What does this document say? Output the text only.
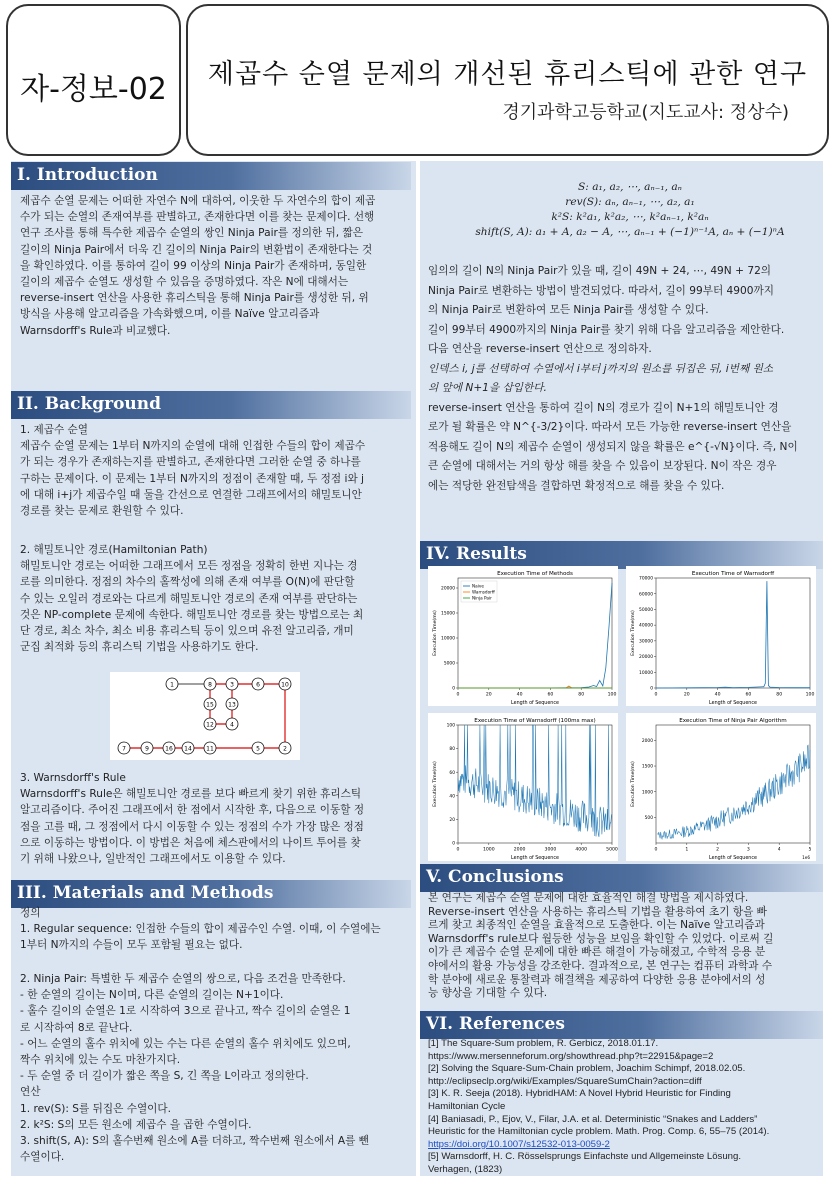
자-정보-02	제곱수 순열 문제의 개선된 휴리스틱에 관한 연구
경기과학고등학교(지도교사: 정상수)
I. Introduction

제곱수 순열 문제는 어떠한 자연수 N에 대하여, 이웃한 두 자연수의 합이 제곱

수가 되는 순열의 존재여부를 판별하고, 존재한다면 이를 찾는 문제이다. 선행

연구 조사를 통해 특수한 제곱수 순열의 쌍인 Ninja Pair를 정의한 뒤, 짧은

길이의 Ninja Pair에서 더욱 긴 길이의 Ninja Pair의 변환법이 존재한다는 것

을 확인하였다. 이를 통하여 길이 99 이상의 Ninja Pair가 존재하며, 동일한

길이의 제곱수 순열도 생성할 수 있음을 증명하였다. 작은 N에 대해서는

reverse-insert 연산을 사용한 휴리스틱을 통해 Ninja Pair를 생성한 뒤, 위

방식을 사용해 알고리즘을 가속화했으며, 이를 Naïve 알고리즘과

Warnsdorff's Rule과 비교했다.

II. Background

1. 제곱수 순열

제곱수 순열 문제는 1부터 N까지의 순열에 대해 인접한 수들의 합이 제곱수

가 되는 경우가 존재하는지를 판별하고, 존재한다면 그러한 순열 중 하나를

구하는 문제이다. 이 문제는 1부터 N까지의 정점이 존재할 때, 두 정점 i와 j

에 대해 i+j가 제곱수일 때 둘을 간선으로 연결한 그래프에서의 해밀토니안

경로를 찾는 문제로 환원할 수 있다.

2. 해밀토니안 경로(Hamiltonian Path)

해밀토니안 경로는 어떠한 그래프에서 모든 정점을 정확히 한번 지나는 경

로를 의미한다. 정점의 차수의 홀짝성에 의해 존재 여부를 O(N)에 판단할

수 있는 오일러 경로와는 다르게 해밀토니안 경로의 존재 여부를 판단하는

것은 NP-complete 문제에 속한다. 해밀토니안 경로를 찾는 방법으로는 최

단 경로, 최소 차수, 최소 비용 휴리스틱 등이 있으며 유전 알고리즘, 개미

군집 최적화 등의 휴리스틱 기법을 사용하기도 한다.

1	8	3	6	10
15 13
12	4
7	9	16 14 11	5	2

3. Warnsdorff's Rule

Warnsdorff's Rule은 해밀토니안 경로를 보다 빠르게 찾기 위한 휴리스틱

알고리즘이다. 주어진 그래프에서 한 점에서 시작한 후, 다음으로 이동할 정

점을 고를 때, 그 정점에서 다시 이동할 수 있는 정점의 수가 가장 많은 정점

으로 이동하는 방법이다. 이 방법은 처음에 체스판에서의 나이트 투어를 찾

기 위해 나왔으나, 일반적인 그래프에서도 이용할 수 있다.

III. Materials and Methods

정의

1. Regular sequence: 인접한 수들의 합이 제곱수인 수열. 이때, 이 수열에는

1부터 N까지의 수들이 모두 포함될 필요는 없다.

2. Ninja Pair: 특별한 두 제곱수 순열의 쌍으로, 다음 조건을 만족한다.

- 한 순열의 길이는 N이며, 다른 순열의 길이는 N+1이다.

- 홀수 길이의 순열은 1로 시작하여 3으로 끝나고, 짝수 길이의 순열은 1

로 시작하여 8로 끝난다.

- 어느 순열의 홀수 위치에 있는 수는 다른 순열의 홀수 위치에도 있으며,

짝수 위치에 있는 수도 마찬가지다.

- 두 순열 중 더 길이가 짧은 쪽을 S, 긴 쪽을 L이라고 정의한다.

연산

1. rev(S): S를 뒤집은 수열이다.

2. k²S: S의 모든 원소에 제곱수 을 곱한 수열이다.

3. shift(S, A): S의 홀수번째 원소에 A를 더하고, 짝수번째 원소에서 A를 뺀

수열이다.

S: a₁, a₂, ⋯, aₙ₋₁, aₙ

rev(S): aₙ, aₙ₋₁, ⋯, a₂, a₁

k²S: k²a₁, k²a₂, ⋯, k²aₙ₋₁, k²aₙ

shift(S, A): a₁ + A, a₂ − A, ⋯, aₙ₋₁ + (−1)ⁿ⁻¹A, aₙ + (−1)ⁿA

임의의 길이 N의 Ninja Pair가 있을 때, 길이 49N + 24, ⋯, 49N + 72의

Ninja Pair로 변환하는 방법이 발견되었다. 따라서, 길이 99부터 4900까지

의 Ninja Pair로 변환하여 모든 Ninja Pair를 생성할 수 있다.

길이 99부터 4900까지의 Ninja Pair를 찾기 위해 다음 알고리즘을 제안한다.

다음 연산을 reverse-insert 연산으로 정의하자.

인덱스 i, j를 선택하여 수열에서 i부터 j까지의 원소를 뒤집은 뒤, i번째 원소

의 앞에 N+1을 삽입한다.

reverse-insert 연산을 통하여 길이 N의 경로가 길이 N+1의 해밀토니안 경

로가 될 확률은 약 N^{-3/2}이다. 따라서 모든 가능한 reverse-insert 연산을

적용해도 길이 N의 제곱수 순열이 생성되지 않을 확률은 e^{-√N}이다. 즉, N이

큰 순열에 대해서는 거의 항상 해를 찾을 수 있음이 보장된다. N이 작은 경우

에는 적당한 완전탐색을 결합하면 확정적으로 해를 찾을 수 있다.

IV. Results
Execution Time of Methods
0	20	40	60	80	100
0
5000
10000
15000
20000
Length of Sequence
Execution Time(ms)
Naive
Warnsdorff
Ninja Pair
Execution Time of Warnsdorff
0	20	40	60	80	100
0
10000
20000
30000
40000
50000
60000
70000
Length of Sequence
Execution Time(ms)
Execution Time of Warnsdorff (100ms max)
0	1000	2000	3000	4000	5000
0
20
40
60
80
100
Length of Sequence
Execution Time(ms)
Execution Time of Ninja Pair Algorithm
0	1	2	3	4	5
500
1000
1500
2000
Length of Sequence
Execution Time(ms)
1e6
V. Conclusions

본 연구는 제곱수 순열 문제에 대한 효율적인 해결 방법을 제시하였다.

Reverse-insert 연산을 사용하는 휴리스틱 기법을 활용하여 초기 항을 빠

르게 찾고 최종적인 순열을 효율적으로 도출한다. 이는 Naïve 알고리즘과

Warnsdorff's rule보다 월등한 성능을 보임을 확인할 수 있었다. 이로써 길

이가 큰 제곱수 순열 문제에 대한 빠른 해결이 가능해졌고, 수학적 응용 분

야에서의 활용 가능성을 강조한다. 결과적으로, 본 연구는 컴퓨터 과학과 수

학 분야에 새로운 통찰력과 해결책을 제공하여 다양한 응용 분야에서의 성

능 향상을 기대할 수 있다.

VI. References

[1] The Square-Sum problem, R. Gerbicz, 2018.01.17.

https://www.mersenneforum.org/showthread.php?t=22915&page=2

[2] Solving the Square-Sum-Chain problem, Joachim Schimpf, 2018.02.05.

http://eclipseclp.org/wiki/Examples/SquareSumChain?action=diff

[3] K. R. Seeja (2018). HybridHAM: A Novel Hybrid Heuristic for Finding

Hamiltonian Cycle

[4] Baniasadi, P., Ejov, V., Filar, J.A. et al. Deterministic “Snakes and Ladders”

Heuristic for the Hamiltonian cycle problem. Math. Prog. Comp. 6, 55–75 (2014).

https://doi.org/10.1007/s12532-013-0059-2

[5] Warnsdorff, H. C. Rösselsprungs Einfachste und Allgemeinste Lösung.

Verhagen, (1823)
